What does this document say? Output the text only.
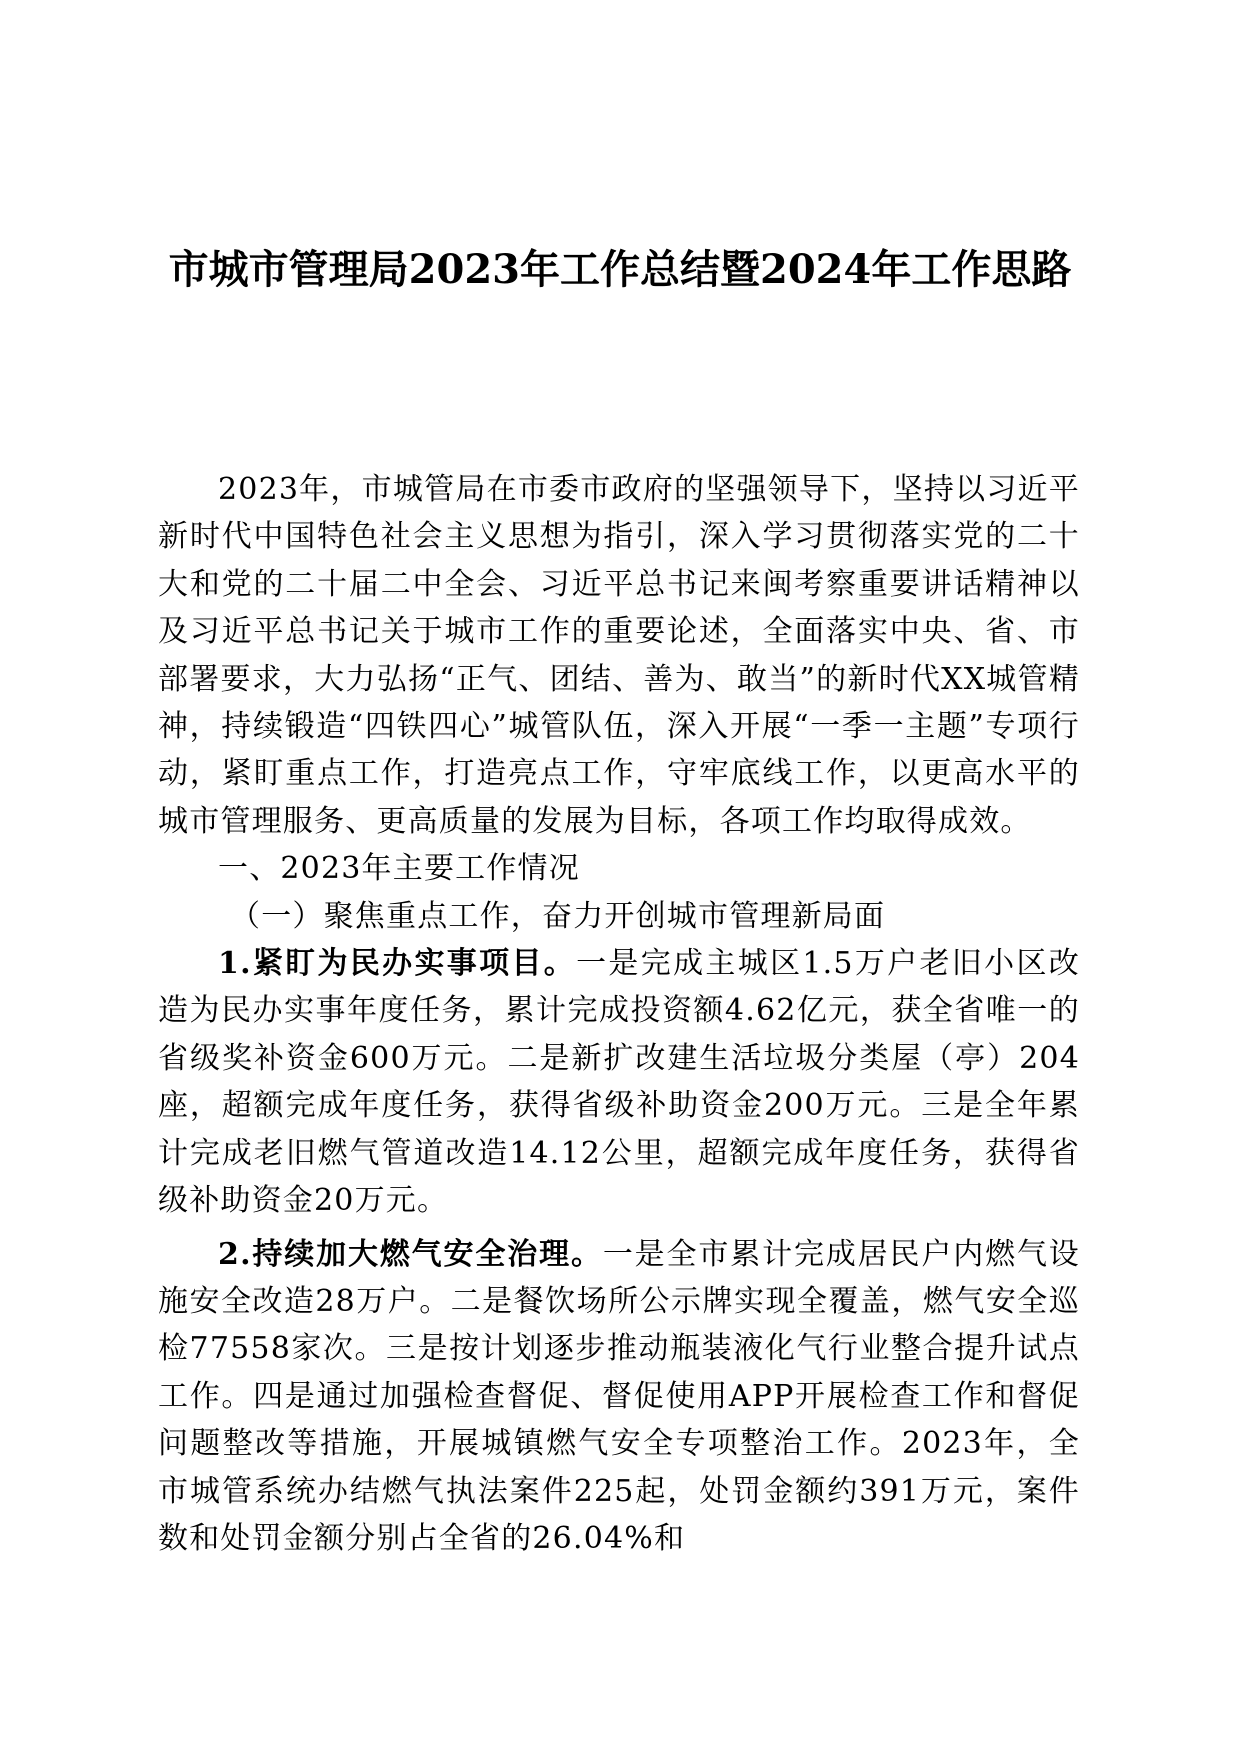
市城市管理局2023年工作总结暨2024年工作思路

2023年，市城管局在市委市政府的坚强领导下，坚持以习近平新时代中国特色社会主义思想为指引，深入学习贯彻落实党的二十大和党的二十届二中全会、习近平总书记来闽考察重要讲话精神以及习近平总书记关于城市工作的重要论述，全面落实中央、省、市部署要求，大力弘扬“正气、团结、善为、敢当”的新时代XX城管精神，持续锻造“四铁四心”城管队伍，深入开展“一季一主题”专项行动，紧盯重点工作，打造亮点工作，守牢底线工作，以更高水平的城市管理服务、更高质量的发展为目标，各项工作均取得成效。

一、2023年主要工作情况

（一）聚焦重点工作，奋力开创城市管理新局面

1.紧盯为民办实事项目。一是完成主城区1.5万户老旧小区改造为民办实事年度任务，累计完成投资额4.62亿元，获全省唯一的省级奖补资金600万元。二是新扩改建生活垃圾分类屋（亭）204座，超额完成年度任务，获得省级补助资金200万元。三是全年累计完成老旧燃气管道改造14.12公里，超额完成年度任务，获得省级补助资金20万元。

2.持续加大燃气安全治理。一是全市累计完成居民户内燃气设施安全改造28万户。二是餐饮场所公示牌实现全覆盖，燃气安全巡检77558家次。三是按计划逐步推动瓶装液化气行业整合提升试点工作。四是通过加强检查督促、督促使用APP开展检查工作和督促问题整改等措施，开展城镇燃气安全专项整治工作。2023年，全市城管系统办结燃气执法案件225起，处罚金额约391万元，案件数和处罚金额分别占全省的26.04%和
